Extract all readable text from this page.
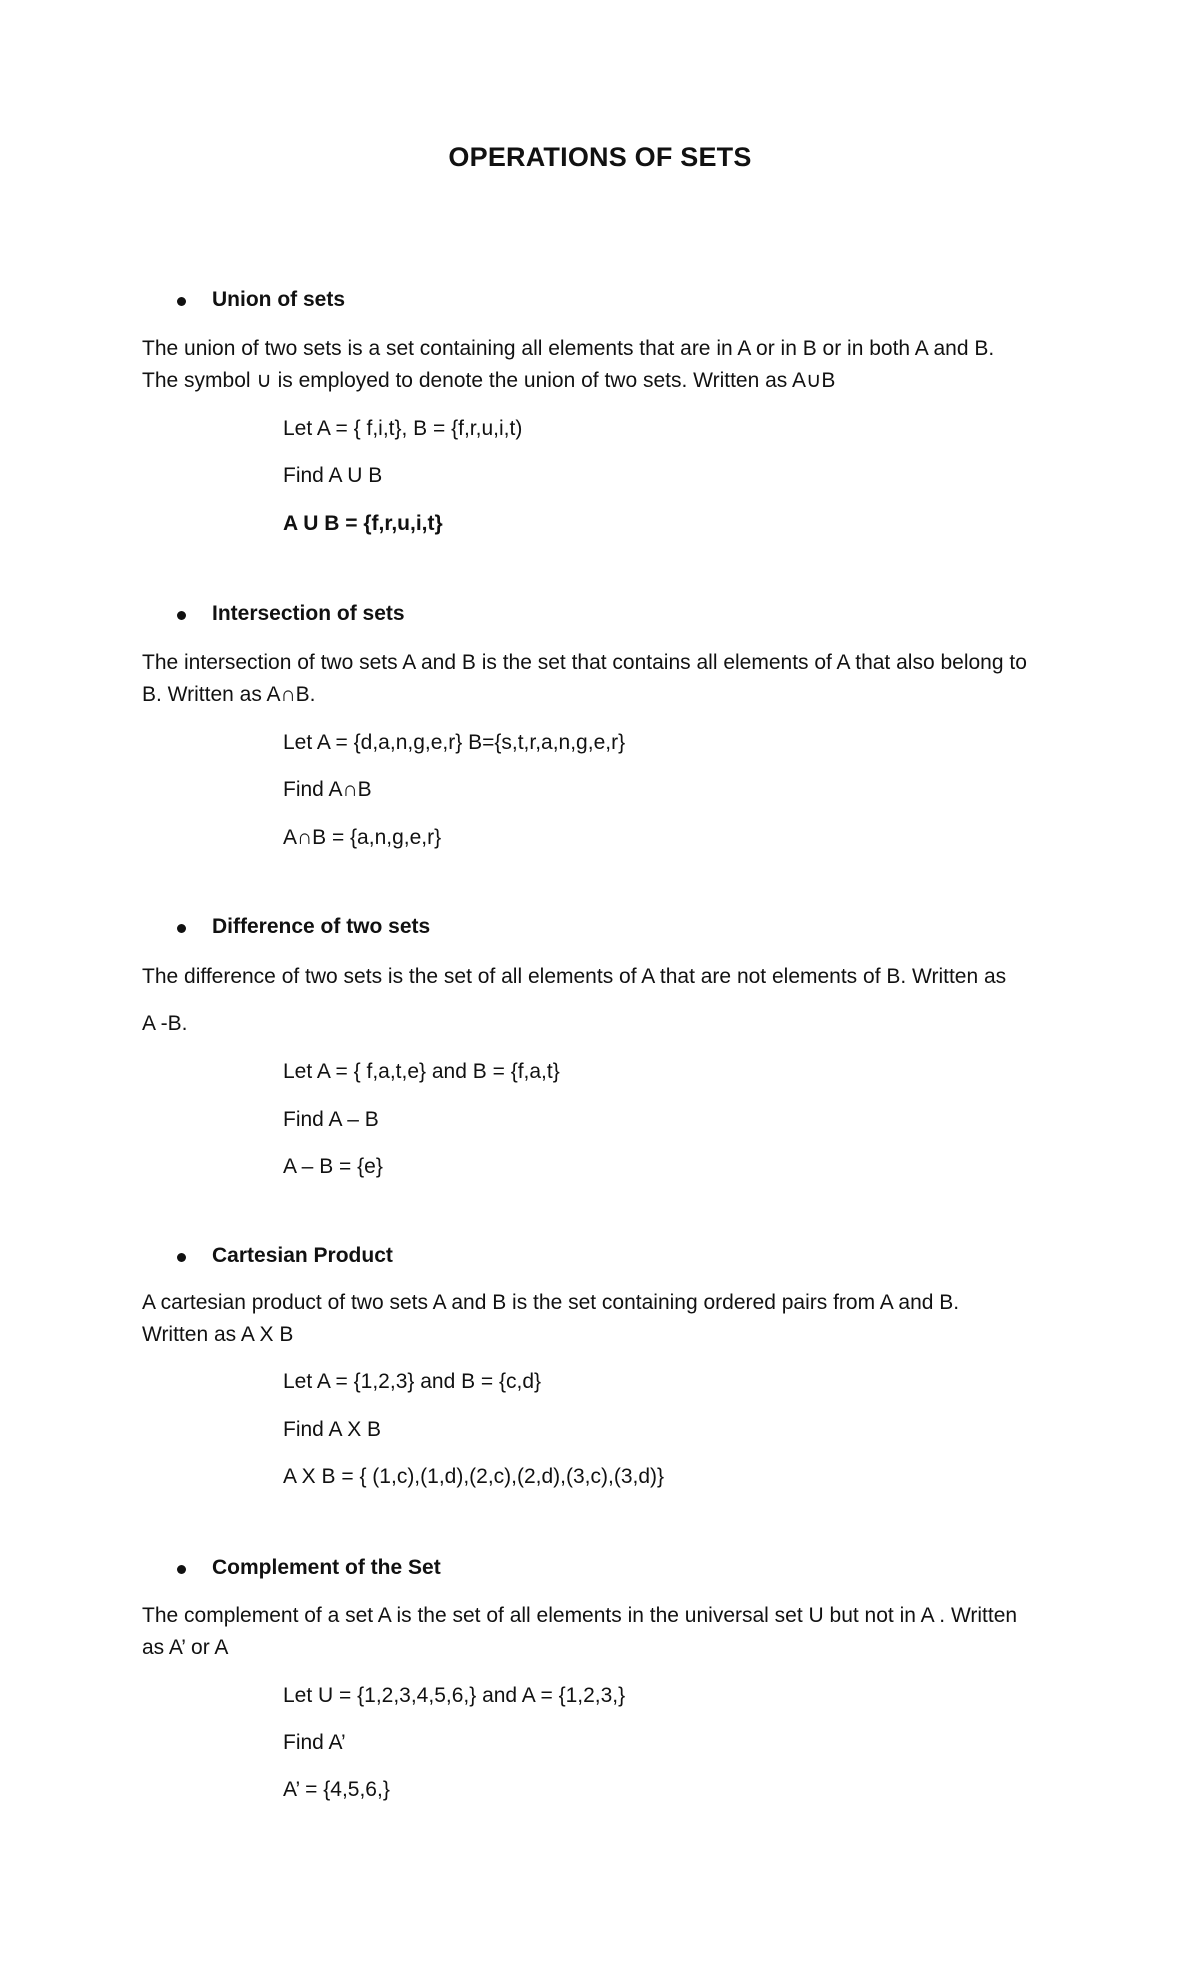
OPERATIONS OF SETS
Union of sets
The union of two sets is a set containing all elements that are in A or in B or in both A and B.
The symbol ∪ is employed to denote the union of two sets. Written as A∪B
Let A = { f,i,t}, B = {f,r,u,i,t)
Find A U B
A U B = {f,r,u,i,t}
Intersection of sets
The intersection of two sets A and B is the set that contains all elements of A that also belong to
B. Written as A∩B.
Let A = {d,a,n,g,e,r} B={s,t,r,a,n,g,e,r}
Find A∩B
A∩B = {a,n,g,e,r}
Difference of two sets
The difference of two sets is the set of all elements of A that are not elements of B. Written as
A -B.
Let A = { f,a,t,e} and B = {f,a,t}
Find A – B
A – B = {e}
Cartesian Product
A cartesian product of two sets A and B is the set containing ordered pairs from A and B.
Written as A X B
Let A = {1,2,3} and B = {c,d}
Find A X B
A X B = { (1,c),(1,d),(2,c),(2,d),(3,c),(3,d)}
Complement of the Set
The complement of a set A is the set of all elements in the universal set U but not in A . Written
as A’ or A
Let U = {1,2,3,4,5,6,} and A = {1,2,3,}
Find A’
A’ = {4,5,6,}
